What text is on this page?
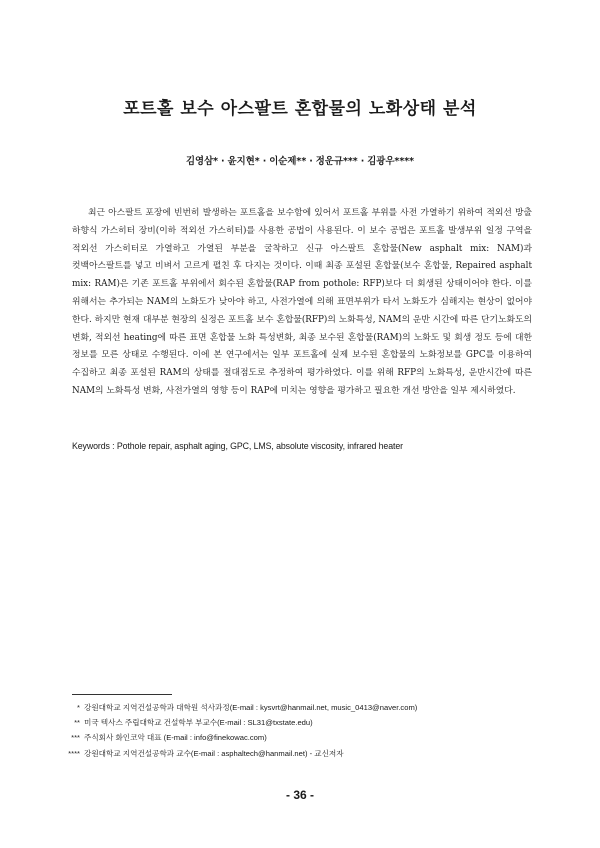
포트홀 보수 아스팔트 혼합물의 노화상태 분석
김영삼* · 윤지현* · 이순제** · 정운규*** · 김광우****

최근 아스팔트 포장에 빈번히 발생하는 포트홀을 보수함에 있어서 포트홀 부위를 사전 가열하기 위하여 적외선 방출 하향식 가스히터 장비(이하 적외선 가스히터)를 사용한 공법이 사용된다. 이 보수 공법은 포트홀 발생부위 일정 구역을 적외선 가스히터로 가열하고 가열된 부분을 굴착하고 신규 아스팔트 혼합물(New asphalt mix: NAM)과 컷백아스팔트를 넣고 비벼서 고르게 펼친 후 다지는 것이다. 이때 최종 포설된 혼합물(보수 혼합물, Repaired asphalt mix: RAM)은 기존 포트홀 부위에서 회수된 혼합물(RAP from pothole: RFP)보다 더 회생된 상태이어야 한다. 이를 위해서는 추가되는 NAM의 노화도가 낮아야 하고, 사전가열에 의해 표면부위가 타서 노화도가 심해지는 현상이 없어야 한다. 하지만 현재 대부분 현장의 실정은 포트홀 보수 혼합물(RFP)의 노화특성, NAM의 운반 시간에 따른 단기노화도의 변화, 적외선 heating에 따른 표면 혼합물 노화 특성변화, 최종 보수된 혼합물(RAM)의 노화도 및 회생 정도 등에 대한 정보를 모른 상태로 수행된다. 이에 본 연구에서는 일부 포트홀에 실제 보수된 혼합물의 노화정보를 GPC를 이용하여 수집하고 최종 포설된 RAM의 상태를 절대점도로 추정하여 평가하였다. 이를 위해 RFP의 노화특성, 운반시간에 따른 NAM의 노화특성 변화, 사전가열의 영향 등이 RAP에 미치는 영향을 평가하고 필요한 개선 방안을 일부 제시하였다.

Keywords : Pothole repair, asphalt aging, GPC, LMS, absolute viscosity, infrared heater
* 강원대학교 지역건설공학과 대학원 석사과정(E-mail : kysvrt@hanmail.net, music_0413@naver.com)
** 미국 텍사스 주립대학교 건설학부 부교수(E-mail : SL31@txstate.edu)
*** 주식회사 화인코악 대표 (E-mail : info@finekowac.com)
**** 강원대학교 지역건설공학과 교수(E-mail : asphaltech@hanmail.net) - 교신저자
- 36 -
